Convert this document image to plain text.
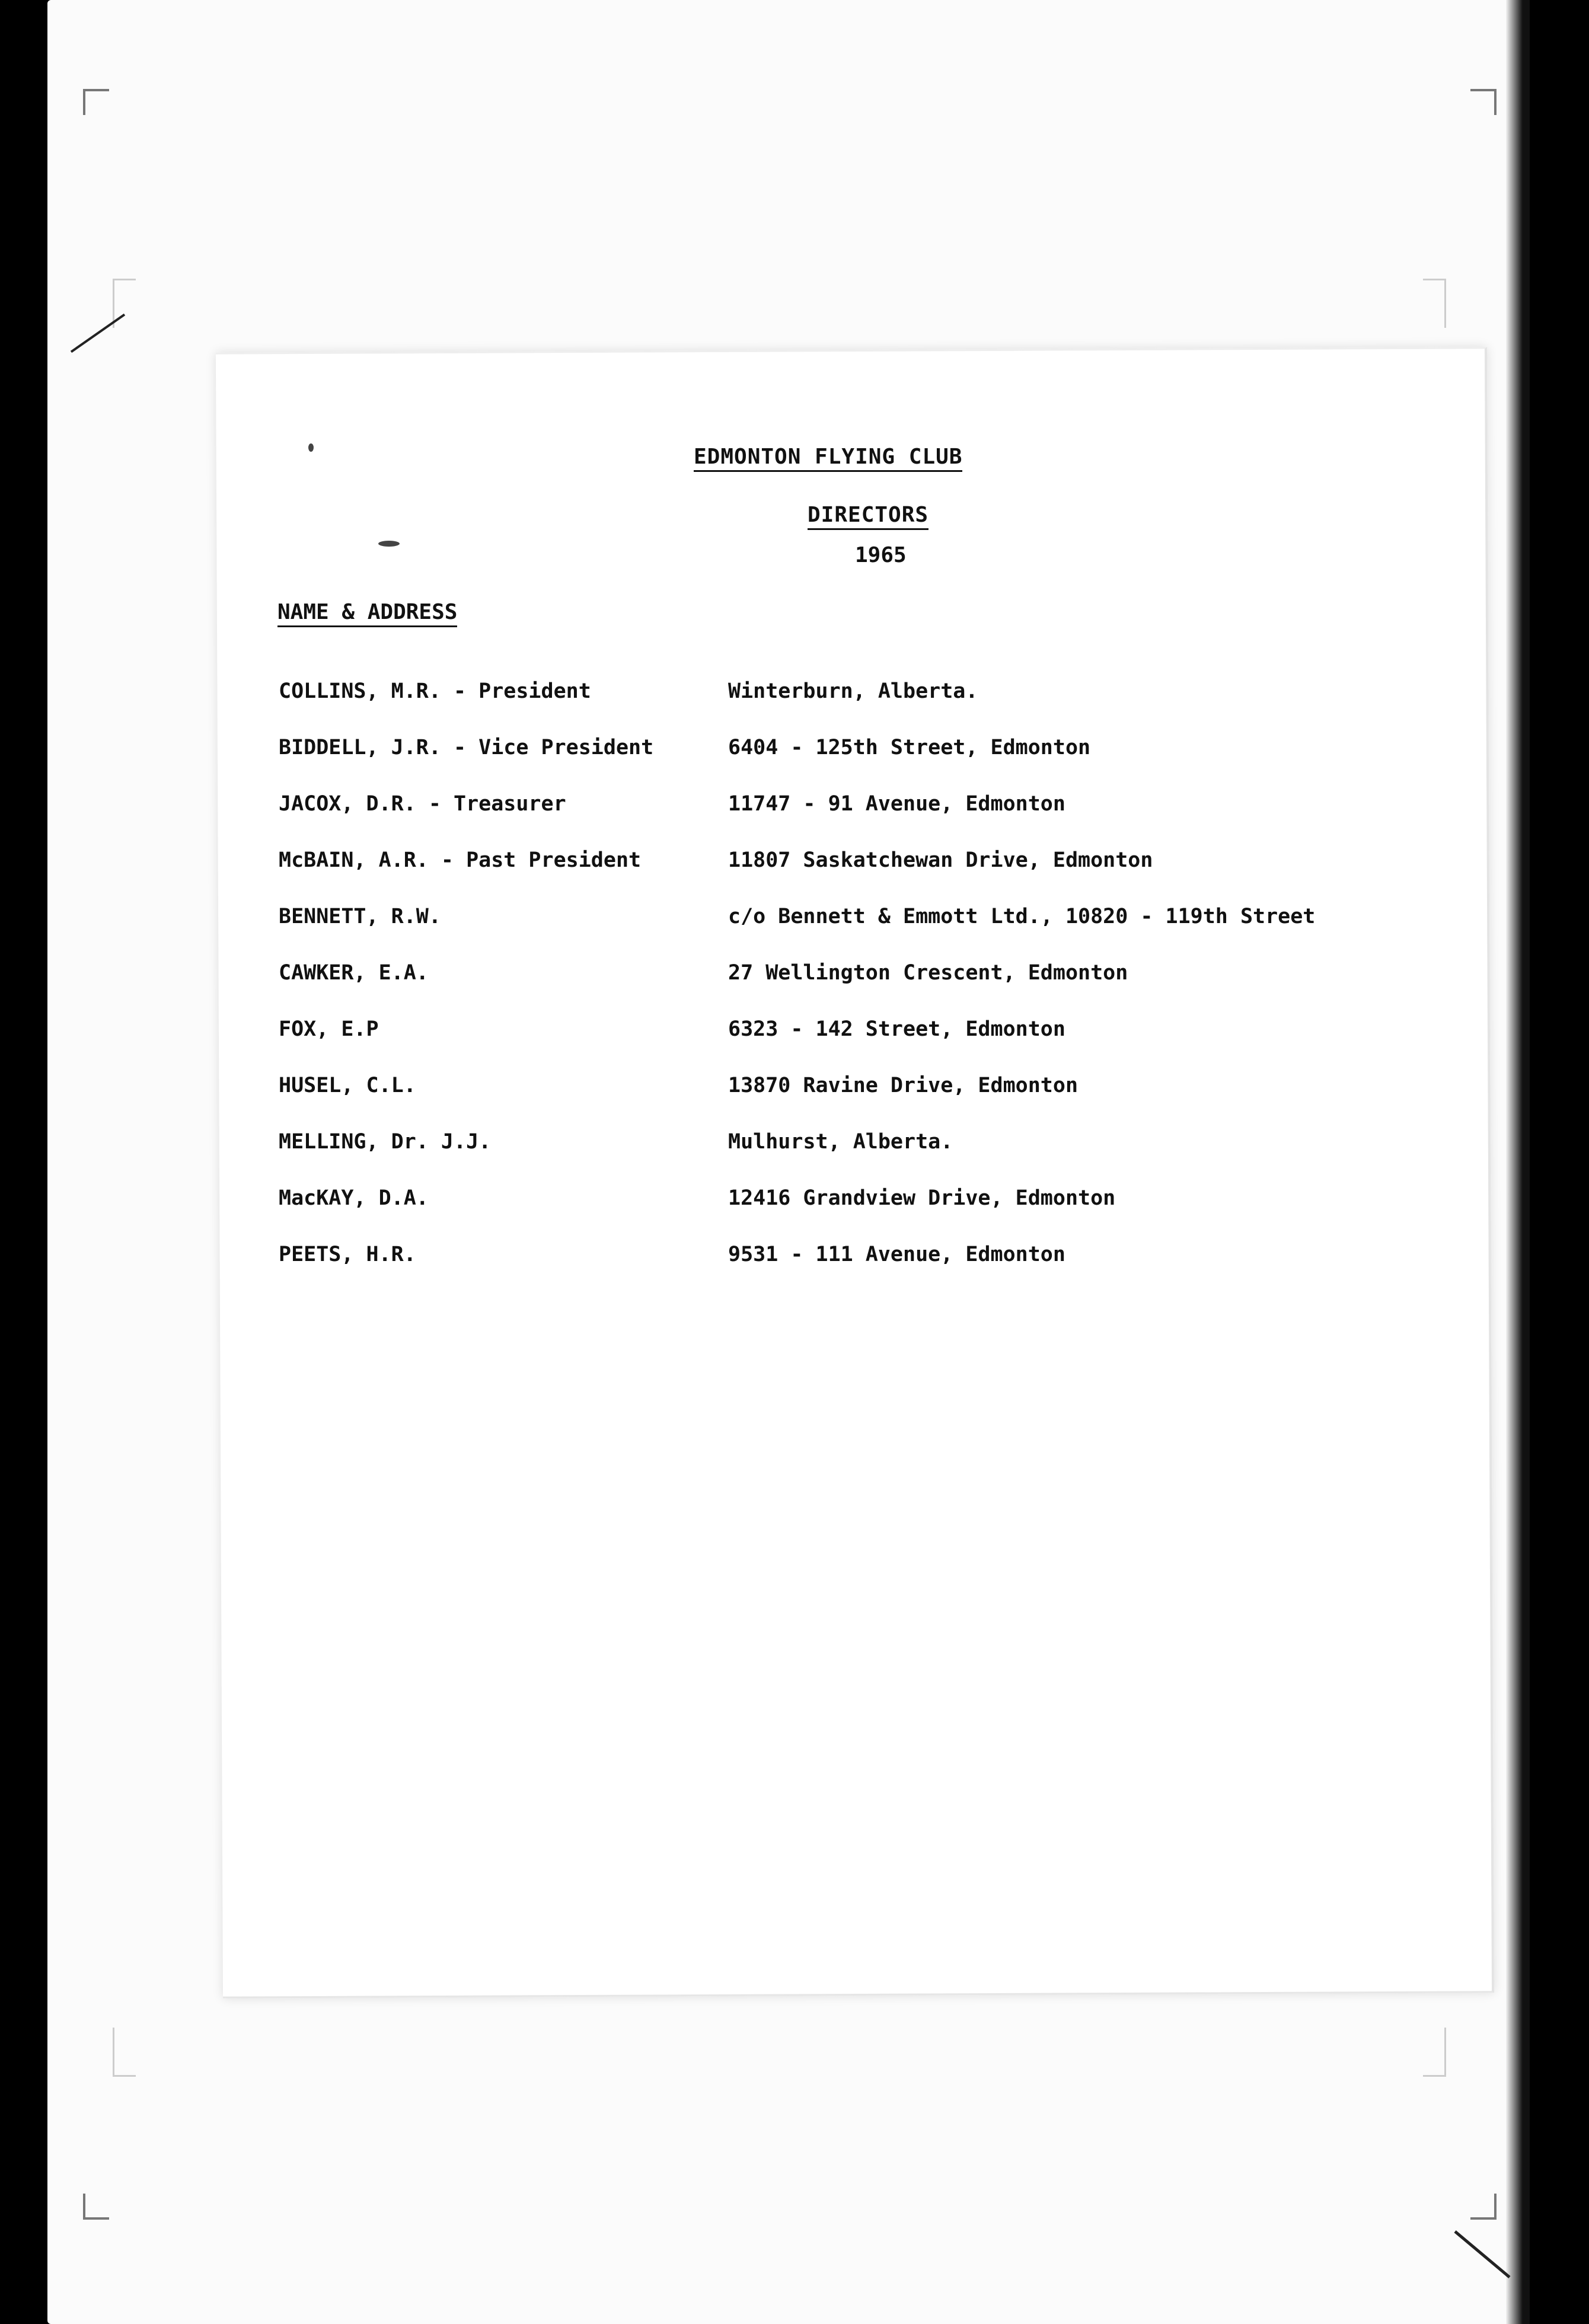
EDMONTON FLYING CLUB
DIRECTORS
1965
NAME & ADDRESS
COLLINS, M.R. - President	Winterburn, Alberta.
BIDDELL, J.R. - Vice President	6404 - 125th Street, Edmonton
JACOX, D.R. - Treasurer	11747 - 91 Avenue, Edmonton
McBAIN, A.R. - Past President	11807 Saskatchewan Drive, Edmonton
BENNETT, R.W.	c/o Bennett & Emmott Ltd., 10820 - 119th Street
CAWKER, E.A.	27 Wellington Crescent, Edmonton
FOX, E.P	6323 - 142 Street, Edmonton
HUSEL, C.L.	13870 Ravine Drive, Edmonton
MELLING, Dr. J.J.	Mulhurst, Alberta.
MacKAY, D.A.	12416 Grandview Drive, Edmonton
PEETS, H.R.	9531 - 111 Avenue, Edmonton
